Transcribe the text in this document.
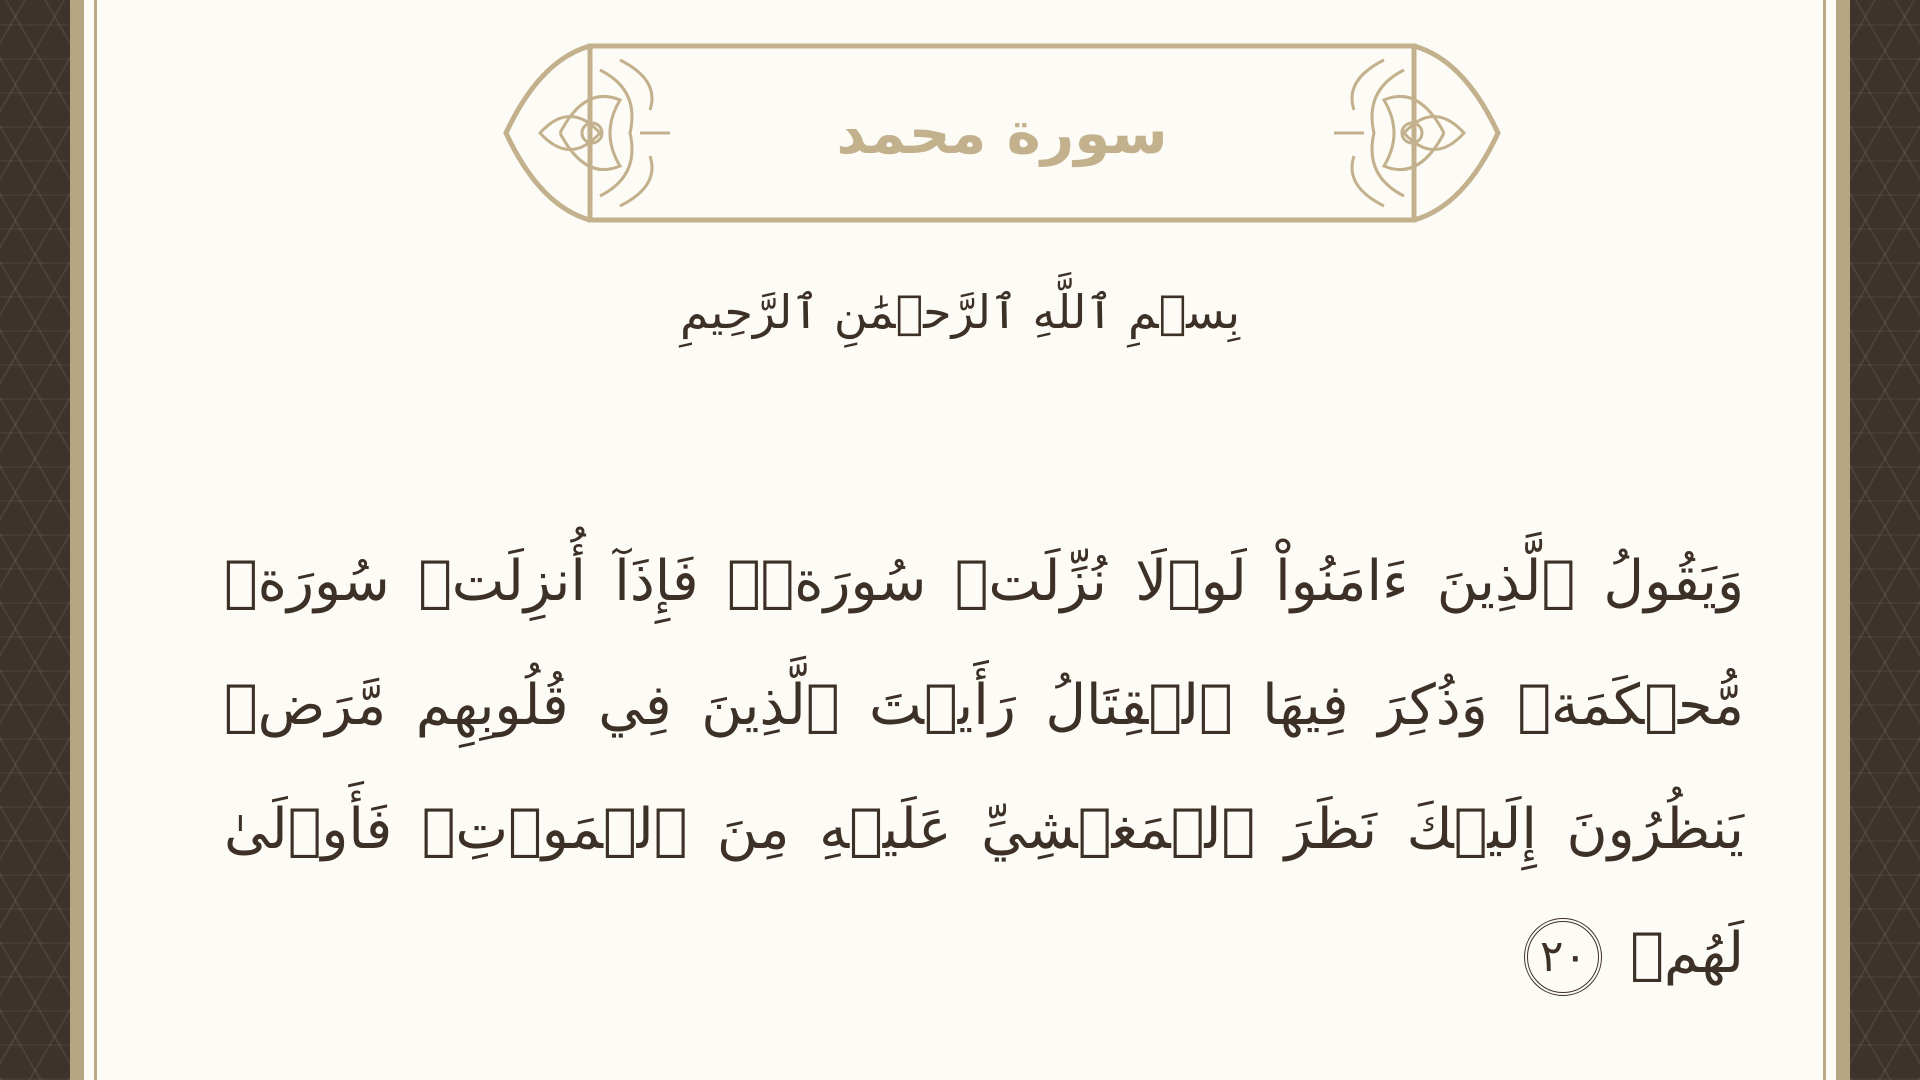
سورة محمد
بِسۡمِ ٱللَّهِ ٱلرَّحۡمَٰنِ ٱلرَّحِيمِ
وَيَقُولُ ٱلَّذِينَ ءَامَنُواْ لَوۡلَا نُزِّلَتۡ سُورَةٞۖ فَإِذَآ أُنزِلَتۡ سُورَةٞ مُّحۡكَمَةٞ وَذُكِرَ فِيهَا ٱلۡقِتَالُ رَأَيۡتَ ٱلَّذِينَ فِي قُلُوبِهِم مَّرَضٞ يَنظُرُونَ إِلَيۡكَ نَظَرَ ٱلۡمَغۡشِيِّ عَلَيۡهِ مِنَ ٱلۡمَوۡتِۖ فَأَوۡلَىٰ لَهُمۡ ٢٠
